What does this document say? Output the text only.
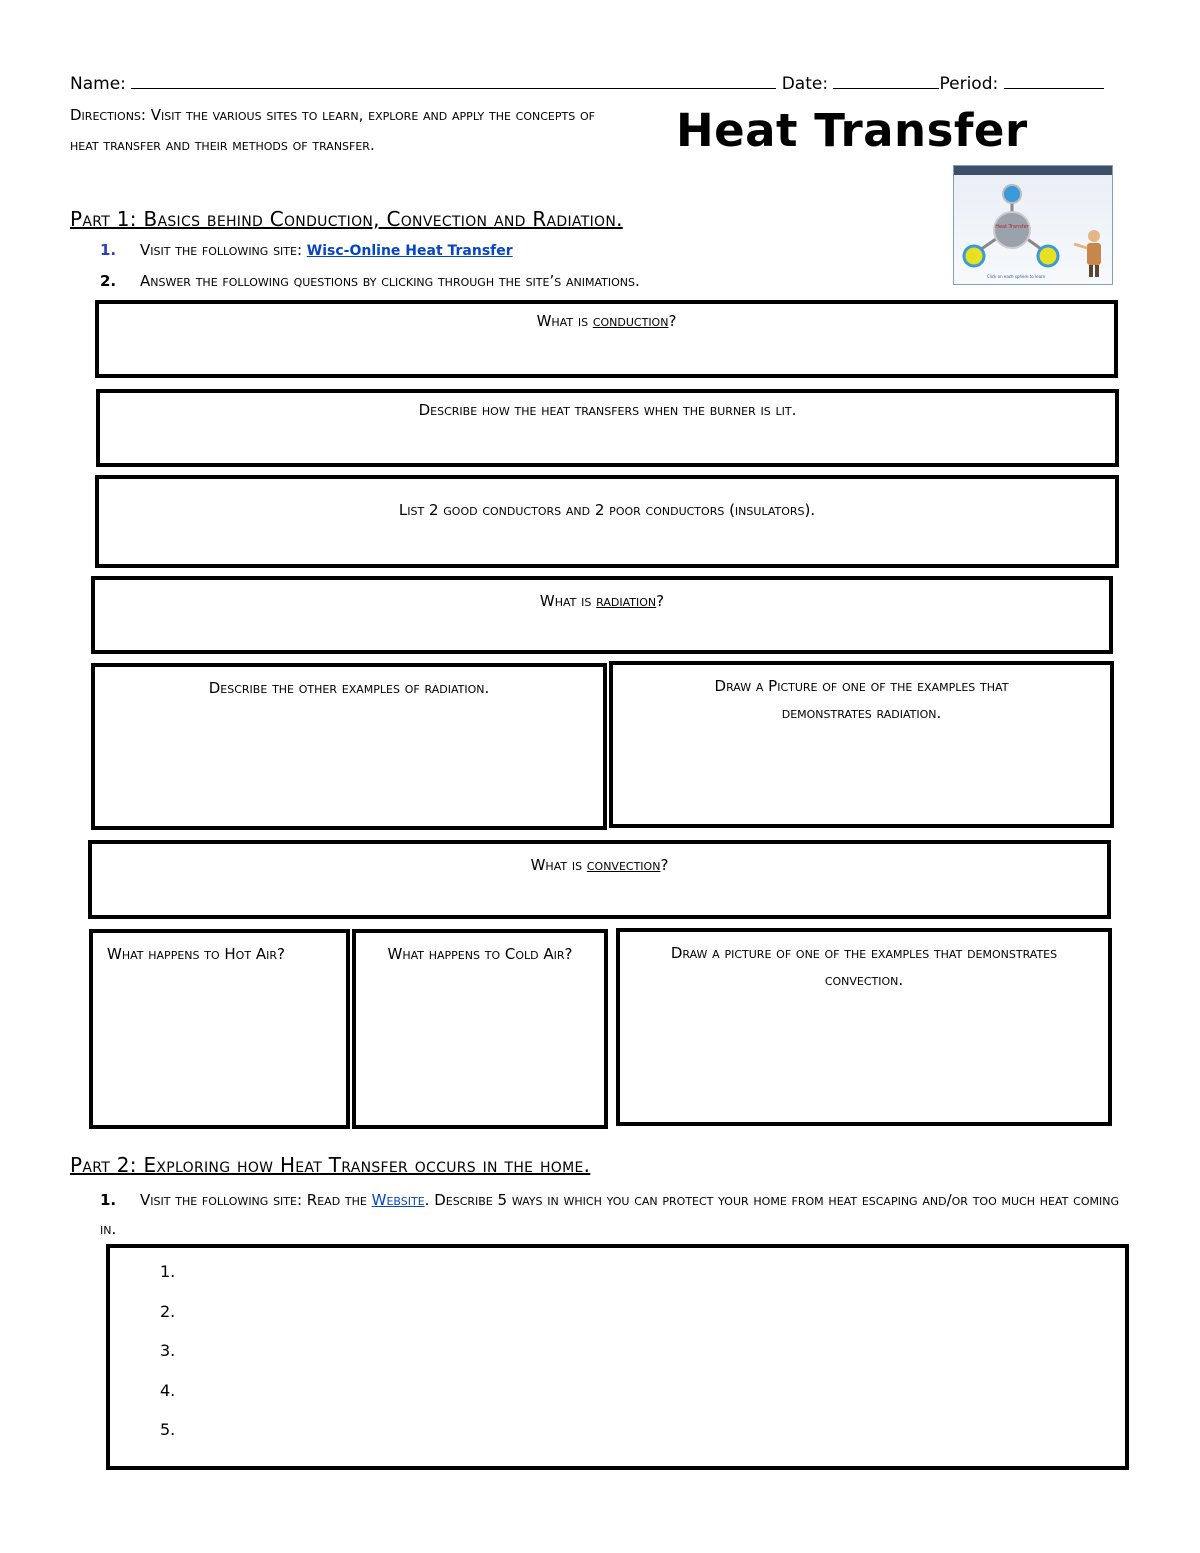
Name:	Date:	Period:
Directions: Visit the various sites to learn, explore and apply the concepts of heat transfer and their methods of transfer.	Heat Transfer
Heat Transfer
Click on each sphere to learn
Part 1: Basics behind Conduction, Convection and Radiation.
1. Visit the following site: Wisc-Online Heat Transfer
2. Answer the following questions by clicking through the site’s animations.
What is conduction?
Describe how the heat transfers when the burner is lit.
List 2 good conductors and 2 poor conductors (insulators).
What is radiation?
Describe the other examples of radiation.	Draw a Picture of one of the examples that demonstrates radiation.
What is convection?
What happens to Hot Air?	What happens to Cold Air?	Draw a picture of one of the examples that demonstrates convection.
Part 2: Exploring how Heat Transfer occurs in the home.
1. Visit the following site: Read the Website. Describe 5 ways in which you can protect your home from heat escaping and/or too much heat coming in.
1.
2.
3.
4.
5.
